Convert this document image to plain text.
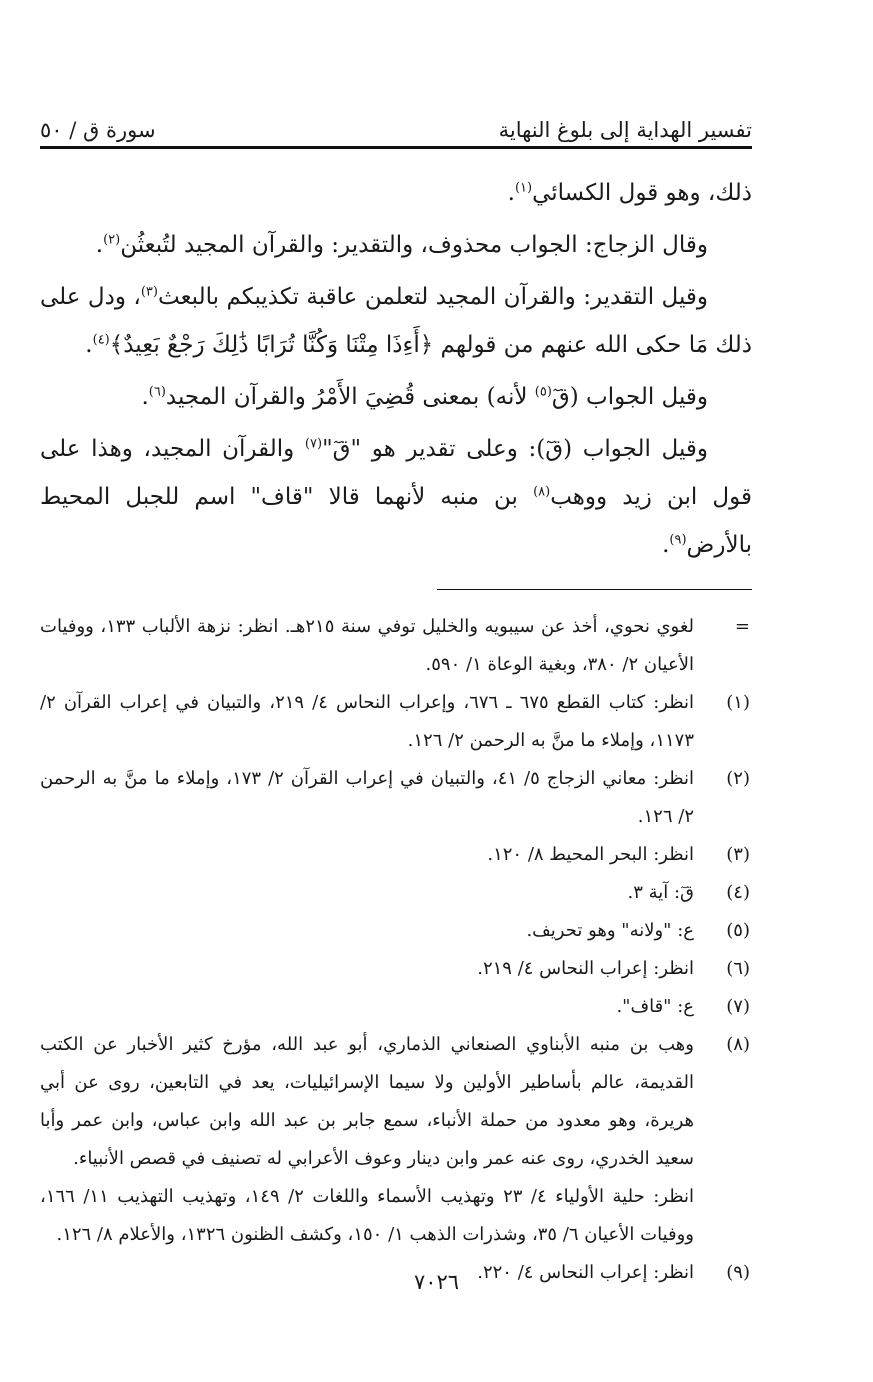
تفسير الهداية إلى بلوغ النهاية
سورة ق / ٥٠

ذلك، وهو قول الكسائي$^{(١)}$.

وقال الزجاج: الجواب محذوف، والتقدير: والقرآن المجيد لتُبعثُن$^{(٢)}$.

وقيل التقدير: والقرآن المجيد لتعلمن عاقبة تكذيبكم بالبعث$^{(٣)}$، ودل على ذلك مَا حكى الله عنهم من قولهم ﴿أَءِذَا مِتْنَا وَكُنَّا تُرَابًا ذَٰلِكَ رَجْعٌ بَعِيدٌ﴾$^{(٤)}$.

وقيل الجواب (قٓ$^{(٥)}$ لأنه) بمعنى قُضِيَ الأَمْرُ والقرآن المجيد$^{(٦)}$.

وقيل الجواب (قٓ): وعلى تقدير هو "قٓ"$^{(٧)}$ والقرآن المجيد، وهذا على قول ابن زيد ووهب$^{(٨)}$ بن منبه لأنهما قالا "قاف" اسم للجبل المحيط بالأرض$^{(٩)}$.

=
لغوي نحوي، أخذ عن سيبويه والخليل توفي سنة ٢١٥هـ. انظر: نزهة الألباب ١٣٣، ووفيات الأعيان ٢/ ٣٨٠، وبغية الوعاة ١/ ٥٩٠.
(١)
انظر: كتاب القطع ٦٧٥ ـ ٦٧٦، وإعراب النحاس ٤/ ٢١٩، والتبيان في إعراب القرآن ٢/ ١١٧٣، وإملاء ما منَّ به الرحمن ٢/ ١٢٦.
(٢)
انظر: معاني الزجاج ٥/ ٤١، والتبيان في إعراب القرآن ٢/ ١٧٣، وإملاء ما منَّ به الرحمن ٢/ ١٢٦.
(٣)
انظر: البحر المحيط ٨/ ١٢٠.
(٤)
قٓ: آية ٣.
(٥)
ع: "ولانه" وهو تحريف.
(٦)
انظر: إعراب النحاس ٤/ ٢١٩.
(٧)
ع: "قاف".
(٨)
وهب بن منبه الأبناوي الصنعاني الذماري، أبو عبد الله، مؤرخ كثير الأخبار عن الكتب القديمة، عالم بأساطير الأولين ولا سيما الإسرائيليات، يعد في التابعين، روى عن أبي هريرة، وهو معدود من حملة الأنباء، سمع جابر بن عبد الله وابن عباس، وابن عمر وأبا سعيد الخدري، روى عنه عمر وابن دينار وعوف الأعرابي له تصنيف في قصص الأنبياء.
انظر: حلية الأولياء ٤/ ٢٣ وتهذيب الأسماء واللغات ٢/ ١٤٩، وتهذيب التهذيب ١١/ ١٦٦، ووفيات الأعيان ٦/ ٣٥، وشذرات الذهب ١/ ١٥٠، وكشف الظنون ١٣٢٦، والأعلام ٨/ ١٢٦.
(٩)
انظر: إعراب النحاس ٤/ ٢٢٠.
٧٠٢٦
